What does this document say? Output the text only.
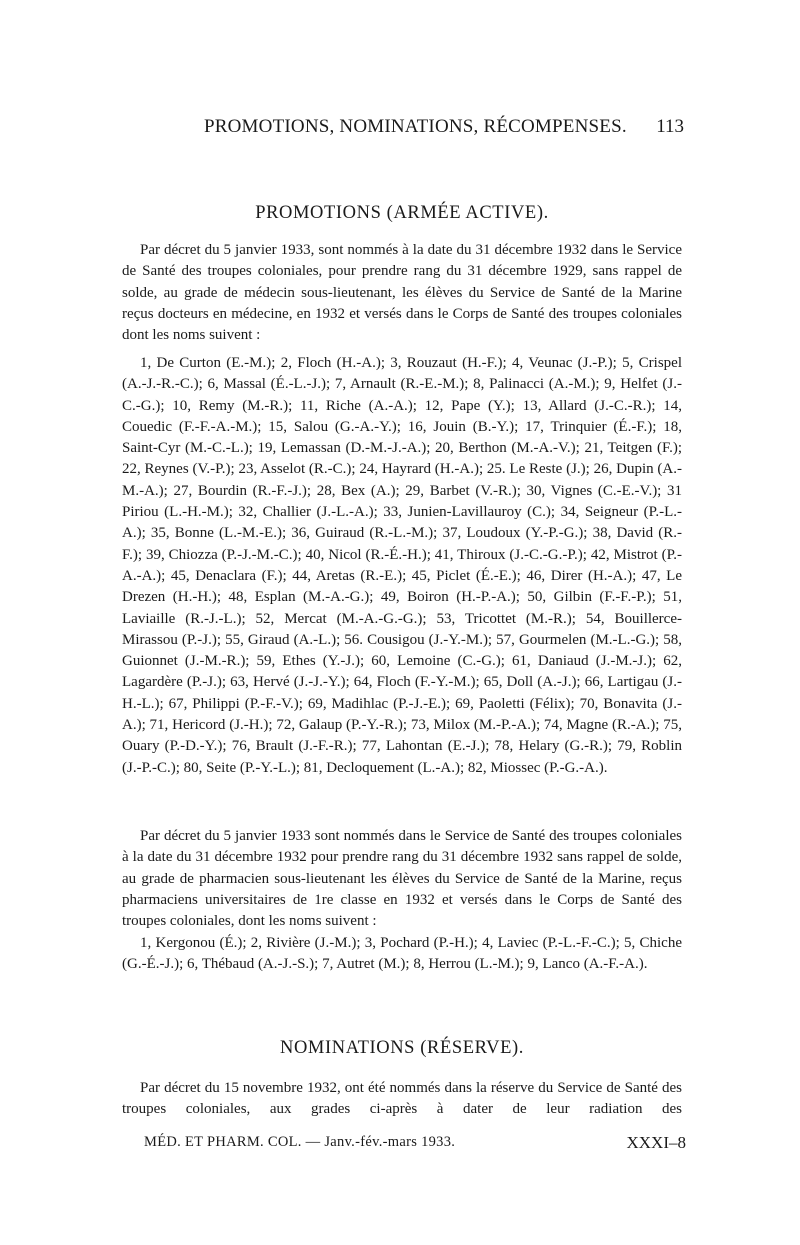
PROMOTIONS, NOMINATIONS, RÉCOMPENSES. 113
PROMOTIONS (ARMÉE ACTIVE).

Par décret du 5 janvier 1933, sont nommés à la date du 31 décembre 1932 dans le Service de Santé des troupes coloniales, pour prendre rang du 31 décembre 1929, sans rappel de solde, au grade de médecin sous-lieutenant, les élèves du Service de Santé de la Marine reçus docteurs en médecine, en 1932 et versés dans le Corps de Santé des troupes coloniales dont les noms suivent :

1, De Curton (E.-M.); 2, Floch (H.-A.); 3, Rouzaut (H.-F.); 4, Veunac (J.-P.); 5, Crispel (A.-J.-R.-C.); 6, Massal (É.-L.-J.); 7, Arnault (R.-E.-M.); 8, Palinacci (A.-M.); 9, Helfet (J.-C.-G.); 10, Remy (M.-R.); 11, Riche (A.-A.); 12, Pape (Y.); 13, Allard (J.-C.-R.); 14, Couedic (F.-F.-A.-M.); 15, Salou (G.-A.-Y.); 16, Jouin (B.-Y.); 17, Trinquier (É.-F.); 18, Saint-Cyr (M.-C.-L.); 19, Lemassan (D.-M.-J.-A.); 20, Berthon (M.-A.-V.); 21, Teitgen (F.); 22, Reynes (V.-P.); 23, Asselot (R.-C.); 24, Hayrard (H.-A.); 25. Le Reste (J.); 26, Dupin (A.-M.-A.); 27, Bourdin (R.-F.-J.); 28, Bex (A.); 29, Barbet (V.-R.); 30, Vignes (C.-E.-V.); 31 Piriou (L.-H.-M.); 32, Challier (J.-L.-A.); 33, Junien-Lavillauroy (C.); 34, Seigneur (P.-L.-A.); 35, Bonne (L.-M.-E.); 36, Guiraud (R.-L.-M.); 37, Loudoux (Y.-P.-G.); 38, David (R.-F.); 39, Chiozza (P.-J.-M.-C.); 40, Nicol (R.-É.-H.); 41, Thiroux (J.-C.-G.-P.); 42, Mistrot (P.-A.-A.); 45, Denaclara (F.); 44, Aretas (R.-E.); 45, Piclet (É.-E.); 46, Direr (H.-A.); 47, Le Drezen (H.-H.); 48, Esplan (M.-A.-G.); 49, Boiron (H.-P.-A.); 50, Gilbin (F.-F.-P.); 51, Laviaille (R.-J.-L.); 52, Mercat (M.-A.-G.-G.); 53, Tricottet (M.-R.); 54, Bouillerce-Mirassou (P.-J.); 55, Giraud (A.-L.); 56. Cousigou (J.-Y.-M.); 57, Gourmelen (M.-L.-G.); 58, Guionnet (J.-M.-R.); 59, Ethes (Y.-J.); 60, Lemoine (C.-G.); 61, Daniaud (J.-M.-J.); 62, Lagardère (P.-J.); 63, Hervé (J.-J.-Y.); 64, Floch (F.-Y.-M.); 65, Doll (A.-J.); 66, Lartigau (J.-H.-L.); 67, Philippi (P.-F.-V.); 69, Madihlac (P.-J.-E.); 69, Paoletti (Félix); 70, Bonavita (J.-A.); 71, Hericord (J.-H.); 72, Galaup (P.-Y.-R.); 73, Milox (M.-P.-A.); 74, Magne (R.-A.); 75, Ouary (P.-D.-Y.); 76, Brault (J.-F.-R.); 77, Lahontan (E.-J.); 78, Helary (G.-R.); 79, Roblin (J.-P.-C.); 80, Seite (P.-Y.-L.); 81, Decloquement (L.-A.); 82, Miossec (P.-G.-A.).

Par décret du 5 janvier 1933 sont nommés dans le Service de Santé des troupes coloniales à la date du 31 décembre 1932 pour prendre rang du 31 décembre 1932 sans rappel de solde, au grade de pharmacien sous-lieutenant les élèves du Service de Santé de la Marine, reçus pharmaciens universitaires de 1re classe en 1932 et versés dans le Corps de Santé des troupes coloniales, dont les noms suivent :

1, Kergonou (É.); 2, Rivière (J.-M.); 3, Pochard (P.-H.); 4, Laviec (P.-L.-F.-C.); 5, Chiche (G.-É.-J.); 6, Thébaud (A.-J.-S.); 7, Autret (M.); 8, Herrou (L.-M.); 9, Lanco (A.-F.-A.).

NOMINATIONS (RÉSERVE).

Par décret du 15 novembre 1932, ont été nommés dans la réserve du Service de Santé des troupes coloniales, aux grades ci-après à dater de leur radiation des

MÉD. ET PHARM. COL. — Janv.-fév.-mars 1933.	XXXI–8
